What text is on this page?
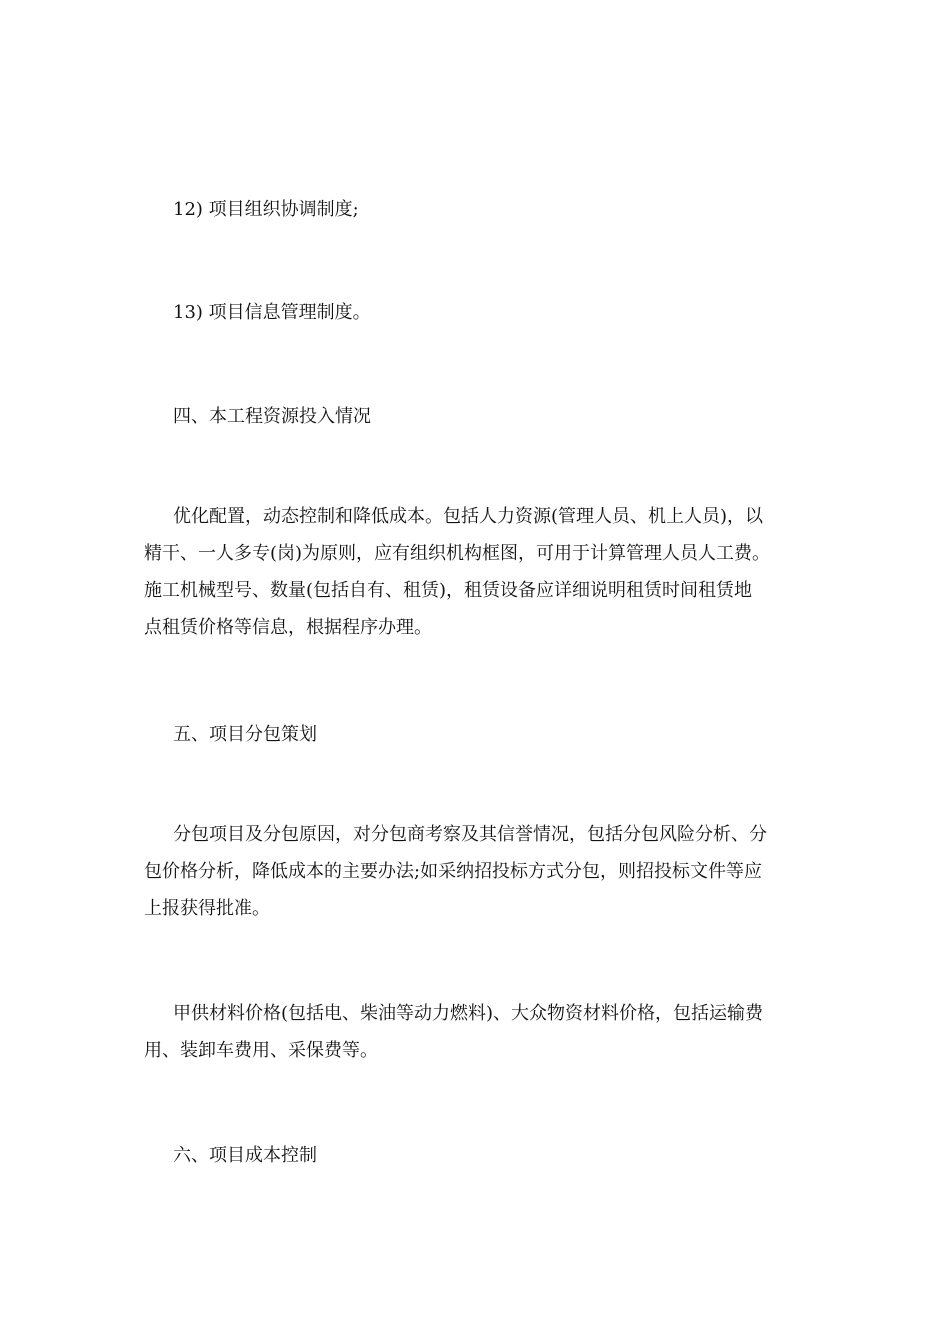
12) 项目组织协调制度;

13) 项目信息管理制度。

四、本工程资源投入情况

优化配置，动态控制和降低成本。包括人力资源(管理人员、机上人员)，以
精干、一人多专(岗)为原则，应有组织机构框图，可用于计算管理人员人工费。
施工机械型号、数量(包括自有、租赁)，租赁设备应详细说明租赁时间租赁地
点租赁价格等信息，根据程序办理。

五、项目分包策划

分包项目及分包原因，对分包商考察及其信誉情况，包括分包风险分析、分
包价格分析，降低成本的主要办法;如采纳招投标方式分包，则招投标文件等应
上报获得批准。
甲供材料价格(包括电、柴油等动力燃料)、大众物资材料价格，包括运输费
用、装卸车费用、采保费等。

六、项目成本控制
